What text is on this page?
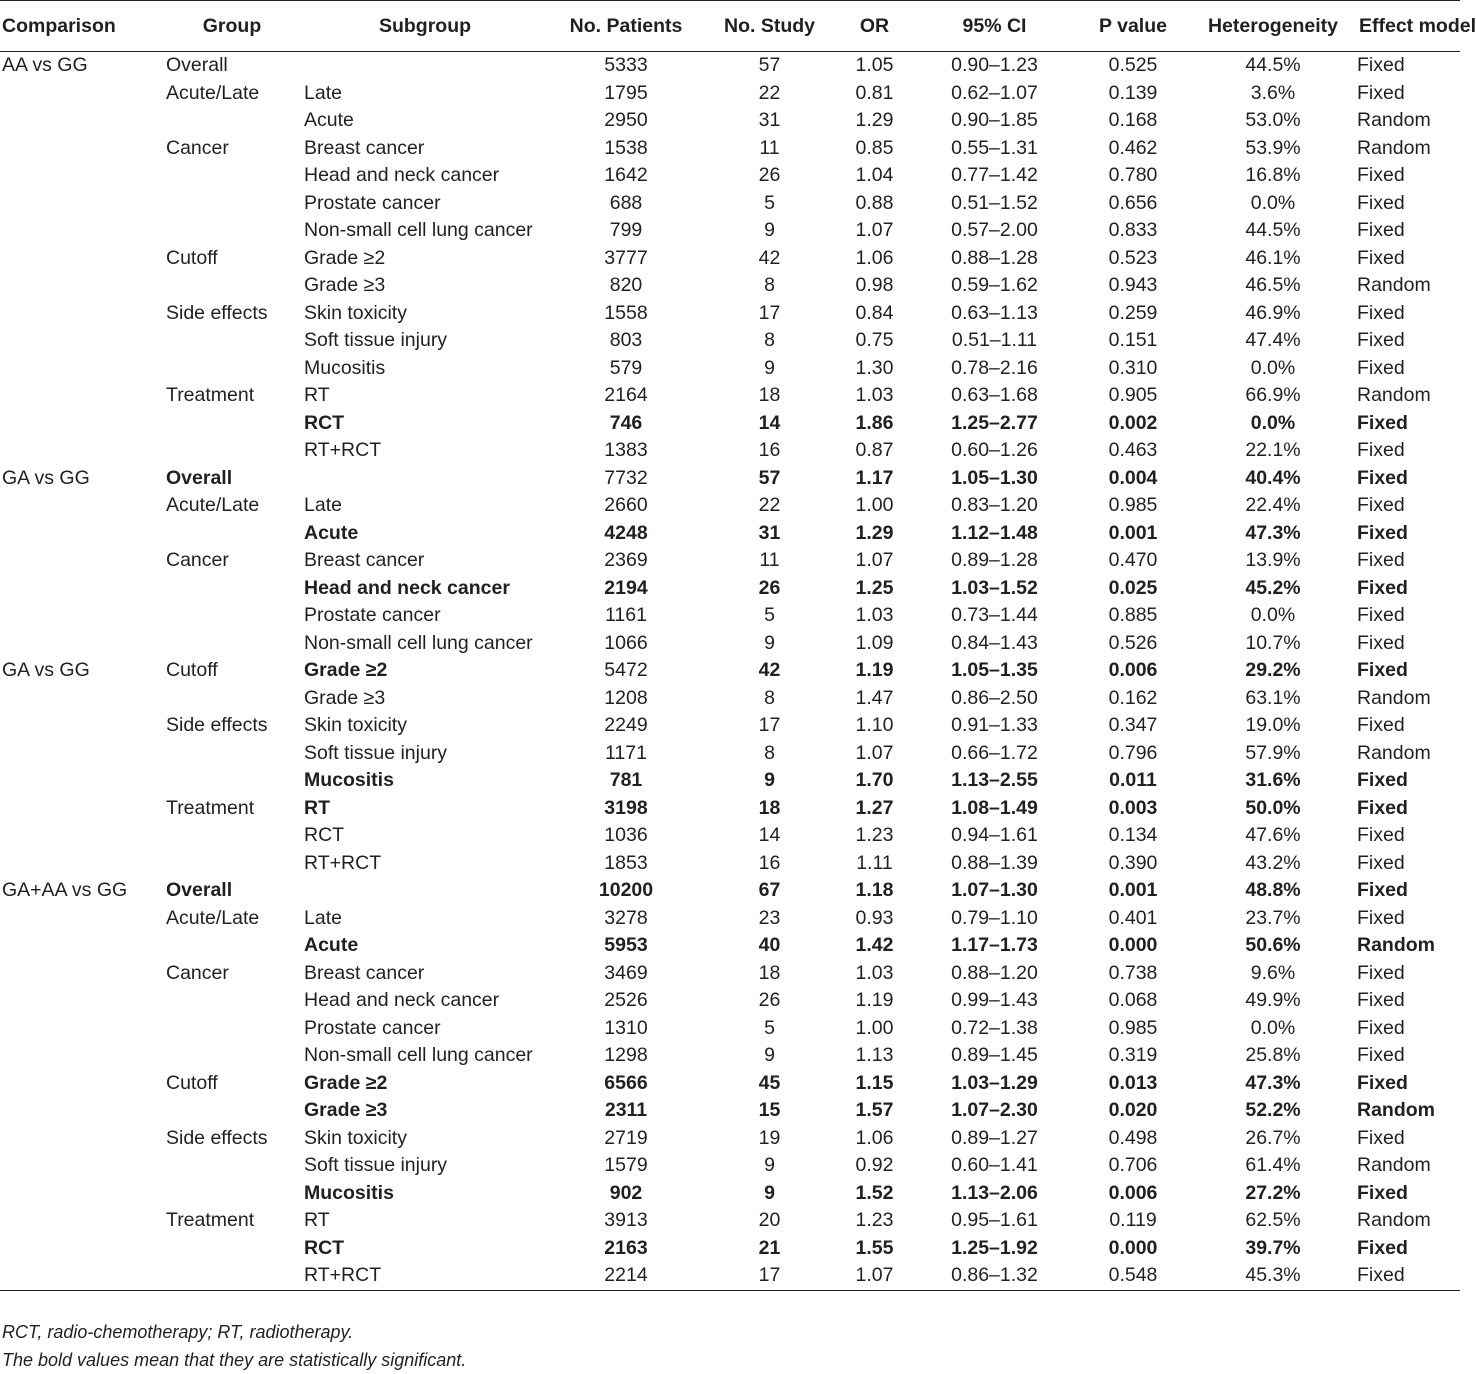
Comparison	Group	Subgroup	No. Patients	No. Study	OR	95% CI	P value	Heterogeneity	Effect model
AA vs GG	Overall		5333	57	1.05	0.90–1.23	0.525	44.5%	Fixed
	Acute/Late	Late	1795	22	0.81	0.62–1.07	0.139	3.6%	Fixed
		Acute	2950	31	1.29	0.90–1.85	0.168	53.0%	Random
	Cancer	Breast cancer	1538	11	0.85	0.55–1.31	0.462	53.9%	Random
		Head and neck cancer	1642	26	1.04	0.77–1.42	0.780	16.8%	Fixed
		Prostate cancer	688	5	0.88	0.51–1.52	0.656	0.0%	Fixed
		Non-small cell lung cancer	799	9	1.07	0.57–2.00	0.833	44.5%	Fixed
	Cutoff	Grade ≥2	3777	42	1.06	0.88–1.28	0.523	46.1%	Fixed
		Grade ≥3	820	8	0.98	0.59–1.62	0.943	46.5%	Random
	Side effects	Skin toxicity	1558	17	0.84	0.63–1.13	0.259	46.9%	Fixed
		Soft tissue injury	803	8	0.75	0.51–1.11	0.151	47.4%	Fixed
		Mucositis	579	9	1.30	0.78–2.16	0.310	0.0%	Fixed
	Treatment	RT	2164	18	1.03	0.63–1.68	0.905	66.9%	Random
		RCT	746	14	1.86	1.25–2.77	0.002	0.0%	Fixed
		RT+RCT	1383	16	0.87	0.60–1.26	0.463	22.1%	Fixed
GA vs GG	Overall		7732	57	1.17	1.05–1.30	0.004	40.4%	Fixed
	Acute/Late	Late	2660	22	1.00	0.83–1.20	0.985	22.4%	Fixed
		Acute	4248	31	1.29	1.12–1.48	0.001	47.3%	Fixed
	Cancer	Breast cancer	2369	11	1.07	0.89–1.28	0.470	13.9%	Fixed
		Head and neck cancer	2194	26	1.25	1.03–1.52	0.025	45.2%	Fixed
		Prostate cancer	1161	5	1.03	0.73–1.44	0.885	0.0%	Fixed
		Non-small cell lung cancer	1066	9	1.09	0.84–1.43	0.526	10.7%	Fixed
GA vs GG	Cutoff	Grade ≥2	5472	42	1.19	1.05–1.35	0.006	29.2%	Fixed
		Grade ≥3	1208	8	1.47	0.86–2.50	0.162	63.1%	Random
	Side effects	Skin toxicity	2249	17	1.10	0.91–1.33	0.347	19.0%	Fixed
		Soft tissue injury	1171	8	1.07	0.66–1.72	0.796	57.9%	Random
		Mucositis	781	9	1.70	1.13–2.55	0.011	31.6%	Fixed
	Treatment	RT	3198	18	1.27	1.08–1.49	0.003	50.0%	Fixed
		RCT	1036	14	1.23	0.94–1.61	0.134	47.6%	Fixed
		RT+RCT	1853	16	1.11	0.88–1.39	0.390	43.2%	Fixed
GA+AA vs GG	Overall		10200	67	1.18	1.07–1.30	0.001	48.8%	Fixed
	Acute/Late	Late	3278	23	0.93	0.79–1.10	0.401	23.7%	Fixed
		Acute	5953	40	1.42	1.17–1.73	0.000	50.6%	Random
	Cancer	Breast cancer	3469	18	1.03	0.88–1.20	0.738	9.6%	Fixed
		Head and neck cancer	2526	26	1.19	0.99–1.43	0.068	49.9%	Fixed
		Prostate cancer	1310	5	1.00	0.72–1.38	0.985	0.0%	Fixed
		Non-small cell lung cancer	1298	9	1.13	0.89–1.45	0.319	25.8%	Fixed
	Cutoff	Grade ≥2	6566	45	1.15	1.03–1.29	0.013	47.3%	Fixed
		Grade ≥3	2311	15	1.57	1.07–2.30	0.020	52.2%	Random
	Side effects	Skin toxicity	2719	19	1.06	0.89–1.27	0.498	26.7%	Fixed
		Soft tissue injury	1579	9	0.92	0.60–1.41	0.706	61.4%	Random
		Mucositis	902	9	1.52	1.13–2.06	0.006	27.2%	Fixed
	Treatment	RT	3913	20	1.23	0.95–1.61	0.119	62.5%	Random
		RCT	2163	21	1.55	1.25–1.92	0.000	39.7%	Fixed
		RT+RCT	2214	17	1.07	0.86–1.32	0.548	45.3%	Fixed
RCT, radio-chemotherapy; RT, radiotherapy.
The bold values mean that they are statistically significant.
